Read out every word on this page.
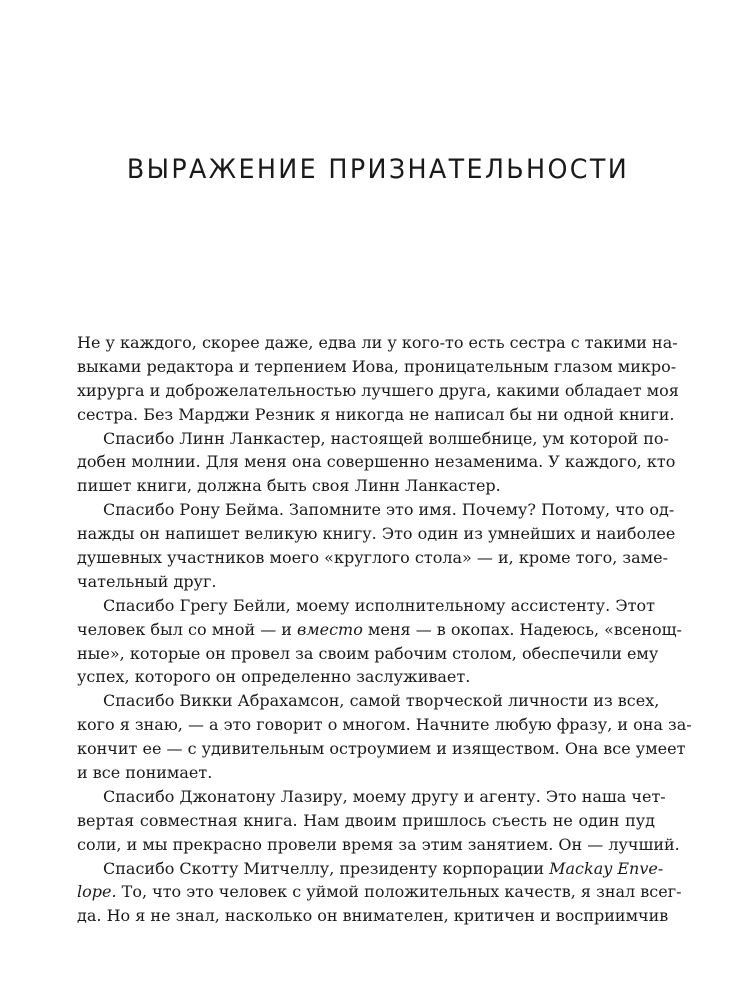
ВЫРАЖЕНИЕ ПРИЗНАТЕЛЬНОСТИ
Не у каждого, скорее даже, едва ли у кого-то есть сестра с такими на-
выками редактора и терпением Иова, проницательным глазом микро-
хирурга и доброжелательностью лучшего друга, какими обладает моя
сестра. Без Марджи Резник я никогда не написал бы ни одной книги.
Спасибо Линн Ланкастер, настоящей волшебнице, ум которой по-
добен молнии. Для меня она совершенно незаменима. У каждого, кто
пишет книги, должна быть своя Линн Ланкастер.
Спасибо Рону Бейма. Запомните это имя. Почему? Потому, что од-
нажды он напишет великую книгу. Это один из умнейших и наиболее
душевных участников моего «круглого стола» — и, кроме того, заме-
чательный друг.
Спасибо Грегу Бейли, моему исполнительному ассистенту. Этот
человек был со мной — и вместо меня — в окопах. Надеюсь, «всенощ-
ные», которые он провел за своим рабочим столом, обеспечили ему
успех, которого он определенно заслуживает.
Спасибо Викки Абрахамсон, самой творческой личности из всех,
кого я знаю, — а это говорит о многом. Начните любую фразу, и она за-
кончит ее — с удивительным остроумием и изяществом. Она все умеет
и все понимает.
Спасибо Джонатону Лазиру, моему другу и агенту. Это наша чет-
вертая совместная книга. Нам двоим пришлось съесть не один пуд
соли, и мы прекрасно провели время за этим занятием. Он — лучший.
Спасибо Скотту Митчеллу, президенту корпорации Mackay Enve-
lope. То, что это человек с уймой положительных качеств, я знал всег-
да. Но я не знал, насколько он внимателен, критичен и восприимчив
